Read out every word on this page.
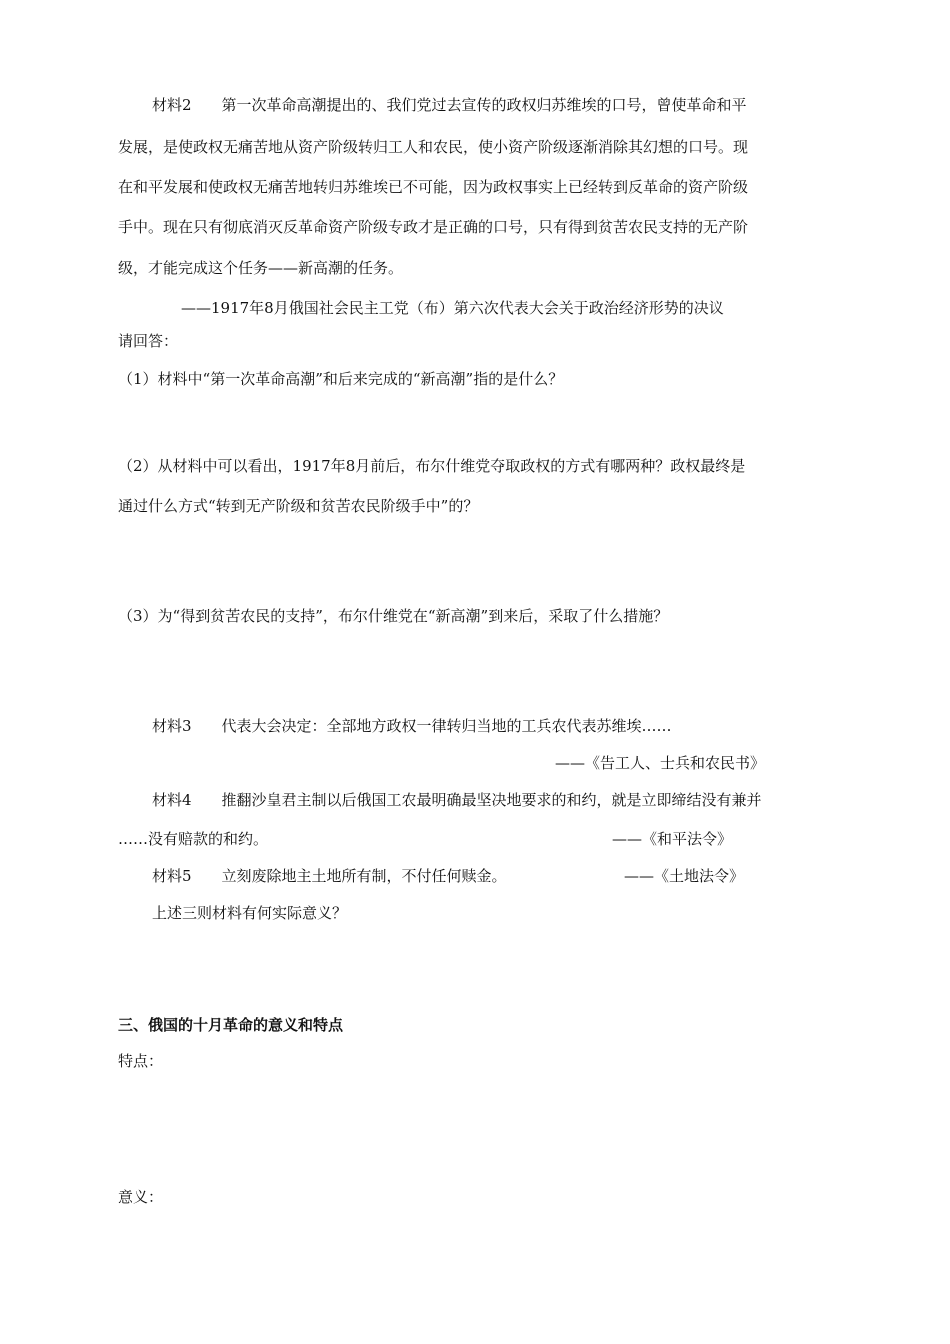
材料2　　第一次革命高潮提出的、我们党过去宣传的政权归苏维埃的口号，曾使革命和平

发展，是使政权无痛苦地从资产阶级转归工人和农民，使小资产阶级逐渐消除其幻想的口号。现

在和平发展和使政权无痛苦地转归苏维埃已不可能，因为政权事实上已经转到反革命的资产阶级

手中。现在只有彻底消灭反革命资产阶级专政才是正确的口号，只有得到贫苦农民支持的无产阶

级，才能完成这个任务——新高潮的任务。

——1917年8月俄国社会民主工党（布）第六次代表大会关于政治经济形势的决议

请回答：

（1）材料中“第一次革命高潮”和后来完成的“新高潮”指的是什么？

（2）从材料中可以看出，1917年8月前后，布尔什维党夺取政权的方式有哪两种？政权最终是

通过什么方式“转到无产阶级和贫苦农民阶级手中”的？

（3）为“得到贫苦农民的支持”，布尔什维党在“新高潮”到来后，采取了什么措施？

材料3　　代表大会决定：全部地方政权一律转归当地的工兵农代表苏维埃……

——《告工人、士兵和农民书》

材料4　　推翻沙皇君主制以后俄国工农最明确最坚决地要求的和约，就是立即缔结没有兼并

……没有赔款的和约。	——《和平法令》

材料5　　立刻废除地主土地所有制，不付任何赎金。	——《土地法令》

上述三则材料有何实际意义？

三、俄国的十月革命的意义和特点

特点：

意义：
